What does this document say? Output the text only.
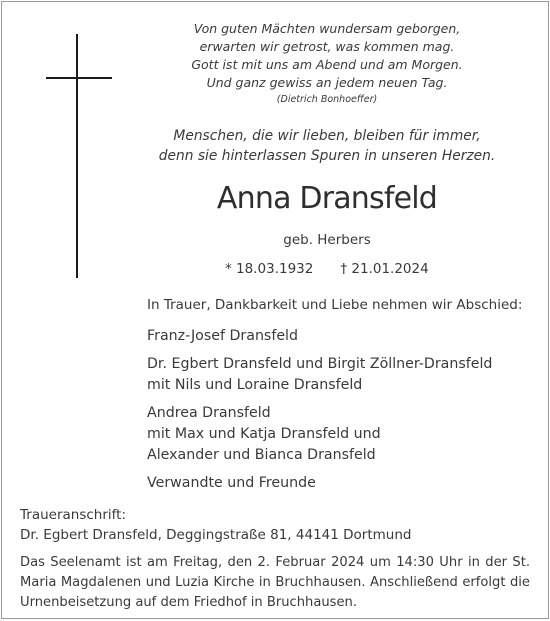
Von guten Mächten wundersam geborgen,
erwarten wir getrost, was kommen mag.
Gott ist mit uns am Abend und am Morgen.
Und ganz gewiss an jedem neuen Tag.
(Dietrich Bonhoeffer)
Menschen, die wir lieben, bleiben für immer,
denn sie hinterlassen Spuren in unseren Herzen.
Anna Dransfeld
geb. Herbers
* 18.03.1932 † 21.01.2024
In Trauer, Dankbarkeit und Liebe nehmen wir Abschied:
Franz-Josef Dransfeld
Dr. Egbert Dransfeld und Birgit Zöllner-Dransfeld
mit Nils und Loraine Dransfeld
Andrea Dransfeld
mit Max und Katja Dransfeld und
Alexander und Bianca Dransfeld
Verwandte und Freunde
Traueranschrift:
Dr. Egbert Dransfeld, Deggingstraße 81, 44141 Dortmund
Das Seelenamt ist am Freitag, den 2. Februar 2024 um 14:30 Uhr in der St. Maria Magdalenen und Luzia Kirche in Bruchhausen. Anschließend erfolgt die Urnenbeisetzung auf dem Friedhof in Bruchhausen.
